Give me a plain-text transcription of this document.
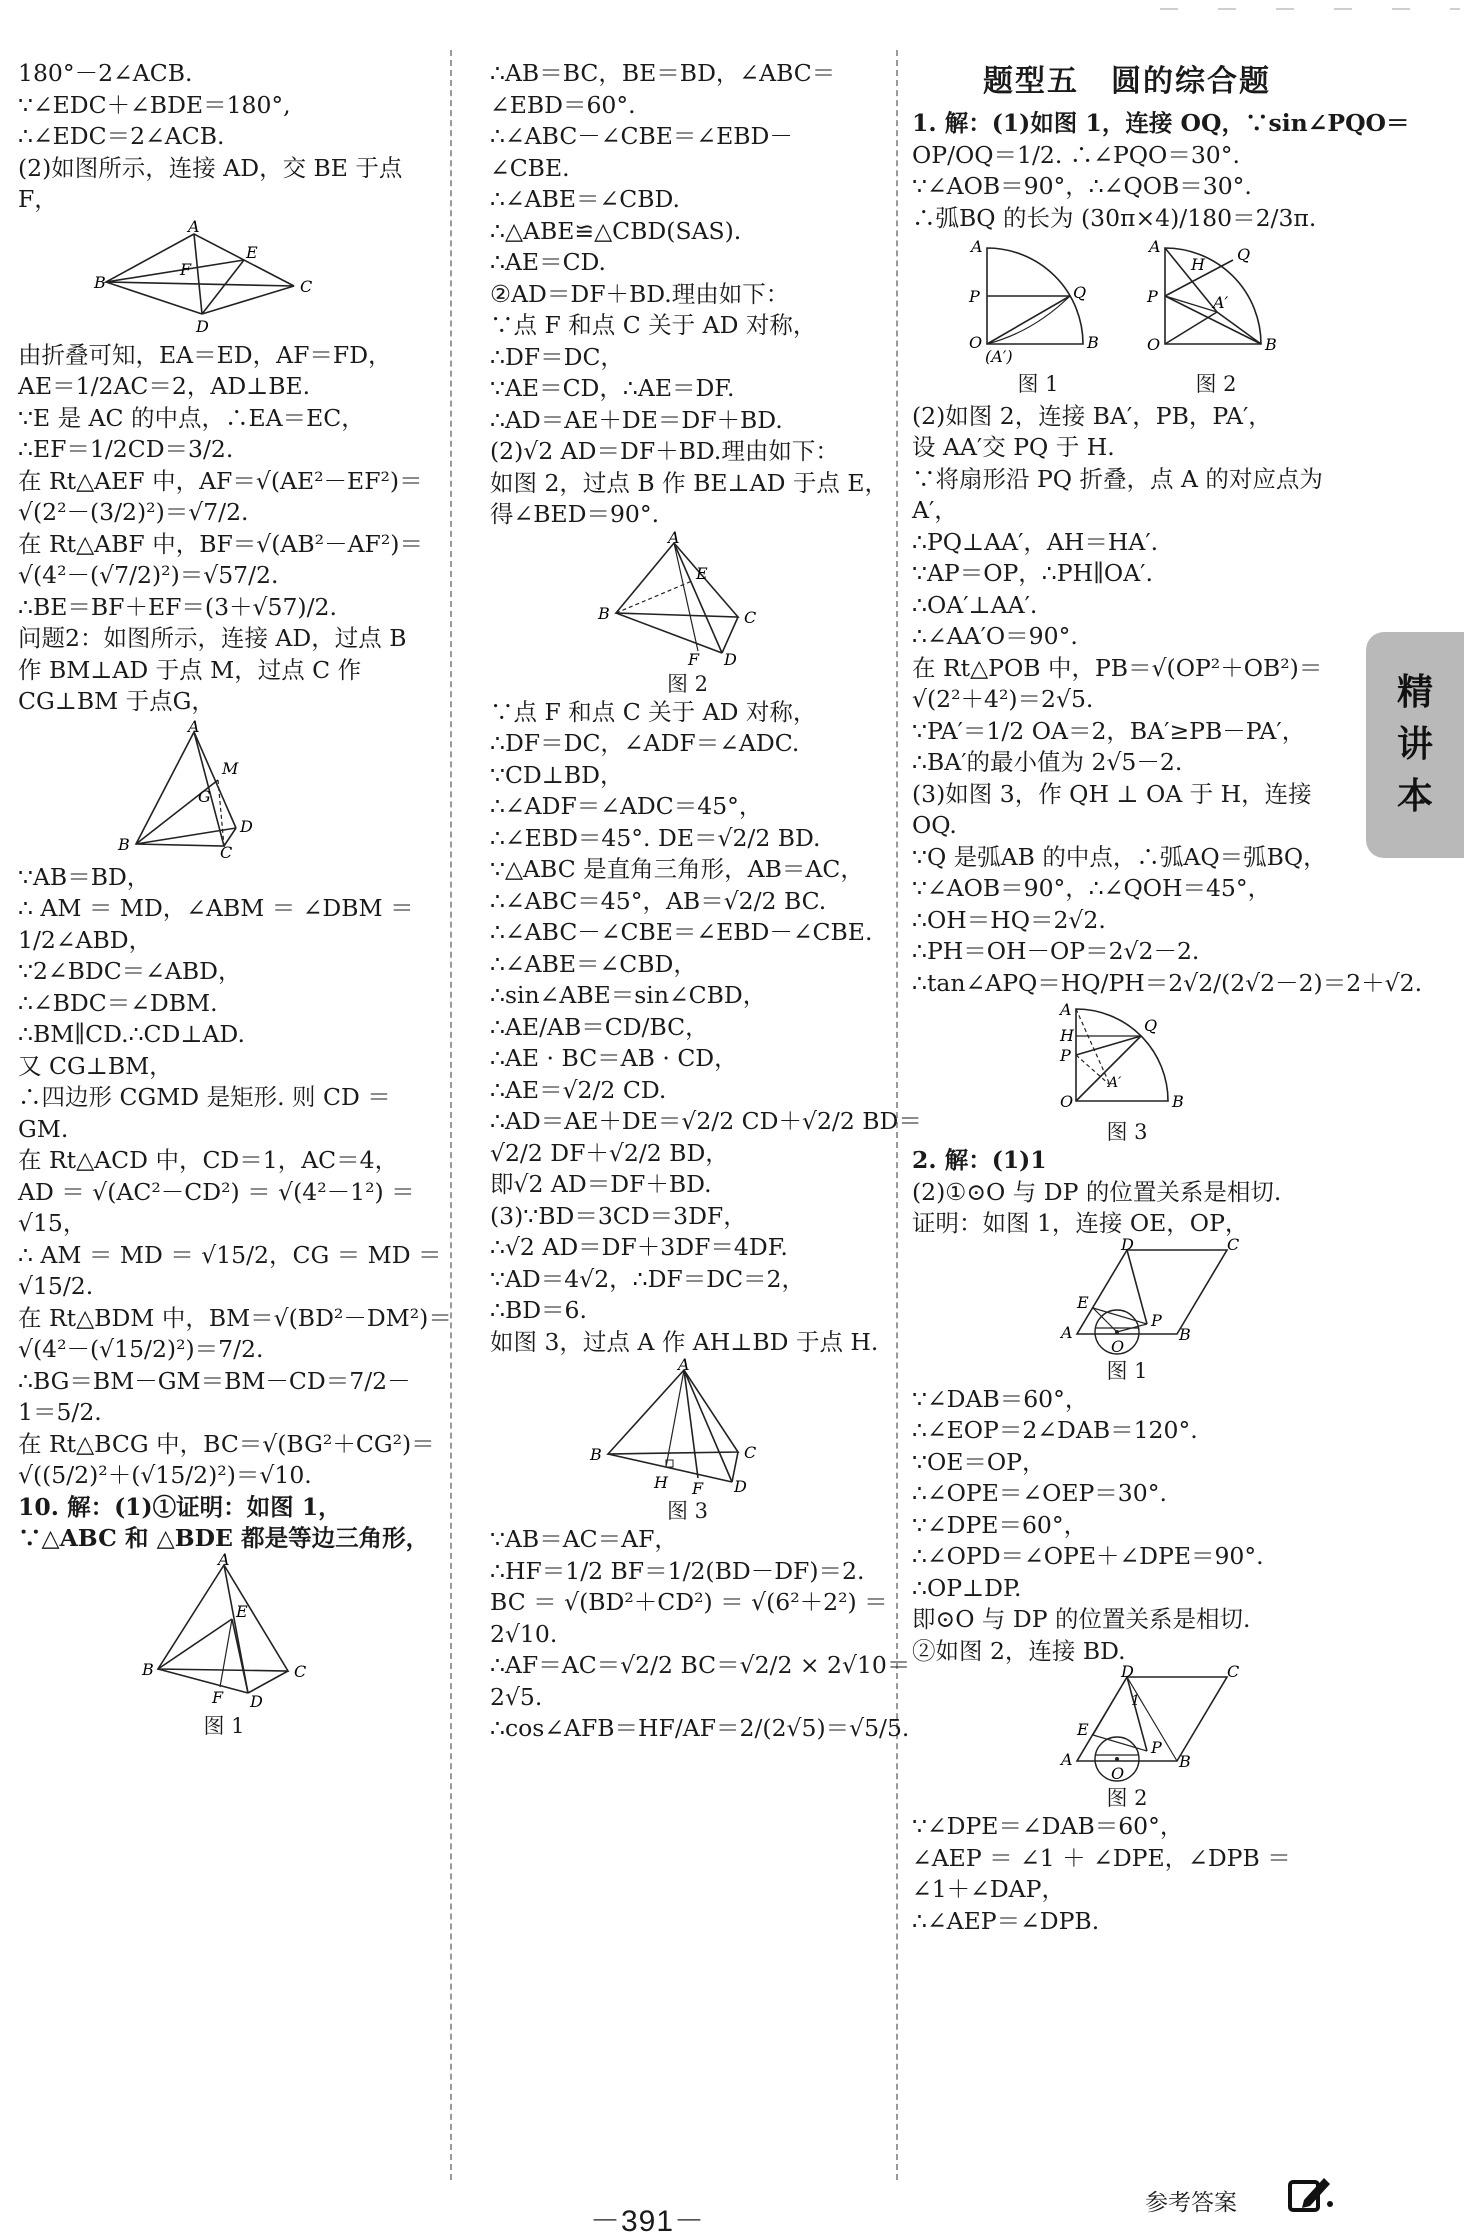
180°－2∠ACB.
∵∠EDC＋∠BDE＝180°,
∴∠EDC＝2∠ACB.
(2)如图所示，连接 AD，交 BE 于点F，
A
B	C
D
E
F
由折叠可知，EA＝ED，AF＝FD，
AE＝1/2AC＝2，AD⊥BE.
∵E 是 AC 的中点，∴EA＝EC，
∴EF＝1/2CD＝3/2.
在 Rt△AEF 中，AF＝√(AE²－EF²)＝
√(2²－(3/2)²)＝√7/2.
在 Rt△ABF 中，BF＝√(AB²－AF²)＝
√(4²－(√7/2)²)＝√57/2.
∴BE＝BF＋EF＝(3＋√57)/2.
问题2：如图所示，连接 AD，过点 B 作 BM⊥AD 于点 M，过点 C 作 CG⊥BM 于点G，
A
B	C
D
M
G
∵AB＝BD，
∴ AM ＝ MD，∠ABM ＝ ∠DBM ＝
1/2∠ABD，
∵2∠BDC＝∠ABD，
∴∠BDC＝∠DBM.
∴BM∥CD.∴CD⊥AD.
又 CG⊥BM，
∴四边形 CGMD 是矩形. 则 CD ＝ GM.
在 Rt△ACD 中，CD＝1，AC＝4，
AD ＝ √(AC²－CD²) ＝ √(4²－1²) ＝
√15，
∴ AM ＝ MD ＝ √15/2，CG ＝ MD ＝
√15/2.
在 Rt△BDM 中，BM＝√(BD²－DM²)＝
√(4²－(√15/2)²)＝7/2.
∴BG＝BM－GM＝BM－CD＝7/2－
1＝5/2.
在 Rt△BCG 中，BC＝√(BG²＋CG²)＝
√((5/2)²＋(√15/2)²)＝√10.
10. 解：(1)①证明：如图 1，∵△ABC 和 △BDE 都是等边三角形，
A
B	C
D
E
F
图 1
∴AB＝BC，BE＝BD，∠ABC＝
∠EBD＝60°.
∴∠ABC－∠CBE＝∠EBD－
∠CBE.
∴∠ABE＝∠CBD.
∴△ABE≌△CBD(SAS).
∴AE＝CD.
②AD＝DF＋BD.理由如下：
∵点 F 和点 C 关于 AD 对称，
∴DF＝DC，
∵AE＝CD，∴AE＝DF.
∴AD＝AE＋DE＝DF＋BD.
(2)√2 AD＝DF＋BD.理由如下：
如图 2，过点 B 作 BE⊥AD 于点 E，
得∠BED＝90°.
A
B	C
D
E
F
图 2
∵点 F 和点 C 关于 AD 对称，
∴DF＝DC，∠ADF＝∠ADC.
∵CD⊥BD，
∴∠ADF＝∠ADC＝45°，
∴∠EBD＝45°. DE＝√2/2 BD.
∵△ABC 是直角三角形，AB＝AC，
∴∠ABC＝45°，AB＝√2/2 BC.
∴∠ABC－∠CBE＝∠EBD－∠CBE.
∴∠ABE＝∠CBD，
∴sin∠ABE＝sin∠CBD，
∴AE/AB＝CD/BC，
∴AE · BC＝AB · CD，
∴AE＝√2/2 CD.
∴AD＝AE＋DE＝√2/2 CD＋√2/2 BD＝
√2/2 DF＋√2/2 BD，
即√2 AD＝DF＋BD.
(3)∵BD＝3CD＝3DF，
∴√2 AD＝DF＋3DF＝4DF.
∵AD＝4√2，∴DF＝DC＝2，
∴BD＝6.
如图 3，过点 A 作 AH⊥BD 于点 H.
A
B	C
D
H F
图 3
∵AB＝AC＝AF，
∴HF＝1/2 BF＝1/2(BD－DF)＝2.
BC ＝ √(BD²＋CD²) ＝ √(6²＋2²) ＝
2√10.
∴AF＝AC＝√2/2 BC＝√2/2 × 2√10＝
2√5.
∴cos∠AFB＝HF/AF＝2/(2√5)＝√5/5.
题型五　圆的综合题
1. 解：(1)如图 1，连接 OQ，∵sin∠PQO＝
OP/OQ＝1/2. ∴∠PQO＝30°.
∵∠AOB＝90°，∴∠QOB＝30°.
∴弧BQ 的长为 (30π×4)/180＝2/3π.
A
P	Q
O	B
(A′)
图 1
A
H
Q
P	A′
O	B
图 2
(2)如图 2，连接 BA′，PB，PA′，
设 AA′交 PQ 于 H.
∵将扇形沿 PQ 折叠，点 A 的对应点为 A′，
∴PQ⊥AA′，AH＝HA′.
∵AP＝OP，∴PH∥OA′.
∴OA′⊥AA′.
∴∠AA′O＝90°.
在 Rt△POB 中，PB＝√(OP²＋OB²)＝
√(2²＋4²)＝2√5.
∵PA′＝1/2 OA＝2，BA′≥PB－PA′，
∴BA′的最小值为 2√5－2.
(3)如图 3，作 QH ⊥ OA 于 H，连接 OQ.
∵Q 是弧AB 的中点，∴弧AQ＝弧BQ，
∵∠AOB＝90°，∴∠QOH＝45°，
∴OH＝HQ＝2√2.
∴PH＝OH－OP＝2√2－2.
∴tan∠APQ＝HQ/PH＝2√2/(2√2－2)＝2＋√2.
A
Q
H
P
A′
O	B
图 3
2. 解：(1)1
(2)①⊙O 与 DP 的位置关系是相切.
证明：如图 1，连接 OE，OP，
A
D	C
B
E
P
O
图 1
∵∠DAB＝60°，
∴∠EOP＝2∠DAB＝120°.
∵OE＝OP，
∴∠OPE＝∠OEP＝30°.
∵∠DPE＝60°，
∴∠OPD＝∠OPE＋∠DPE＝90°.
∴OP⊥DP.
即⊙O 与 DP 的位置关系是相切.
②如图 2，连接 BD.
A
D	C
B
E
P
1
O
图 2
∵∠DPE＝∠DAB＝60°，
∠AEP ＝ ∠1 ＋ ∠DPE，∠DPB ＝
∠1＋∠DAP，
∴∠AEP＝∠DPB.
精
讲
本
－391－
参考答案
